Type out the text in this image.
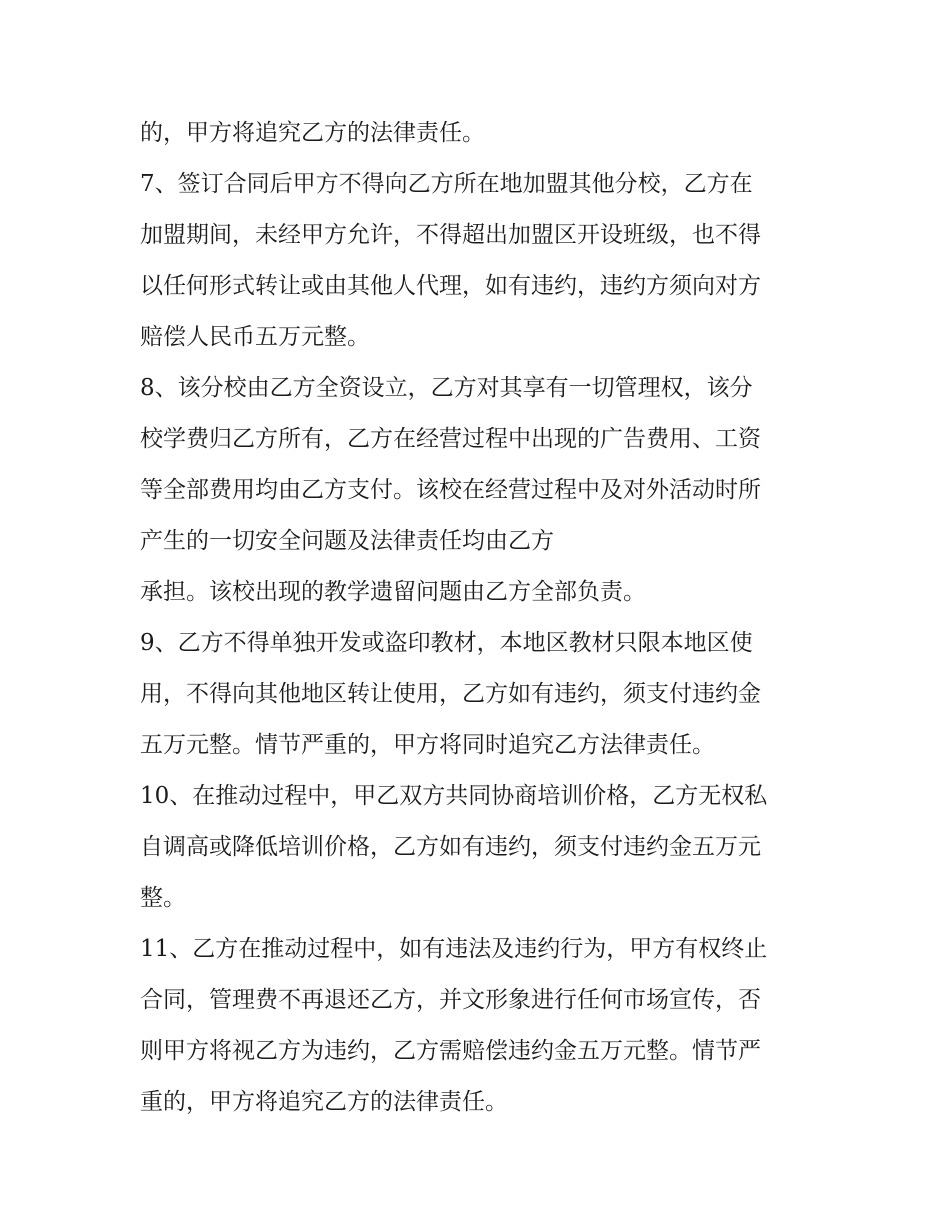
的，甲方将追究乙方的法律责任。
7、签订合同后甲方不得向乙方所在地加盟其他分校，乙方在
加盟期间，未经甲方允许，不得超出加盟区开设班级，也不得
以任何形式转让或由其他人代理，如有违约，违约方须向对方
赔偿人民币五万元整。
8、该分校由乙方全资设立，乙方对其享有一切管理权，该分
校学费归乙方所有，乙方在经营过程中出现的广告费用、工资
等全部费用均由乙方支付。该校在经营过程中及对外活动时所
产生的一切安全问题及法律责任均由乙方
承担。该校出现的教学遗留问题由乙方全部负责。
9、乙方不得单独开发或盗印教材，本地区教材只限本地区使
用，不得向其他地区转让使用，乙方如有违约，须支付违约金
五万元整。情节严重的，甲方将同时追究乙方法律责任。
10、在推动过程中，甲乙双方共同协商培训价格，乙方无权私
自调高或降低培训价格，乙方如有违约，须支付违约金五万元
整。
11、乙方在推动过程中，如有违法及违约行为，甲方有权终止
合同，管理费不再退还乙方，并文形象进行任何市场宣传，否
则甲方将视乙方为违约，乙方需赔偿违约金五万元整。情节严
重的，甲方将追究乙方的法律责任。
